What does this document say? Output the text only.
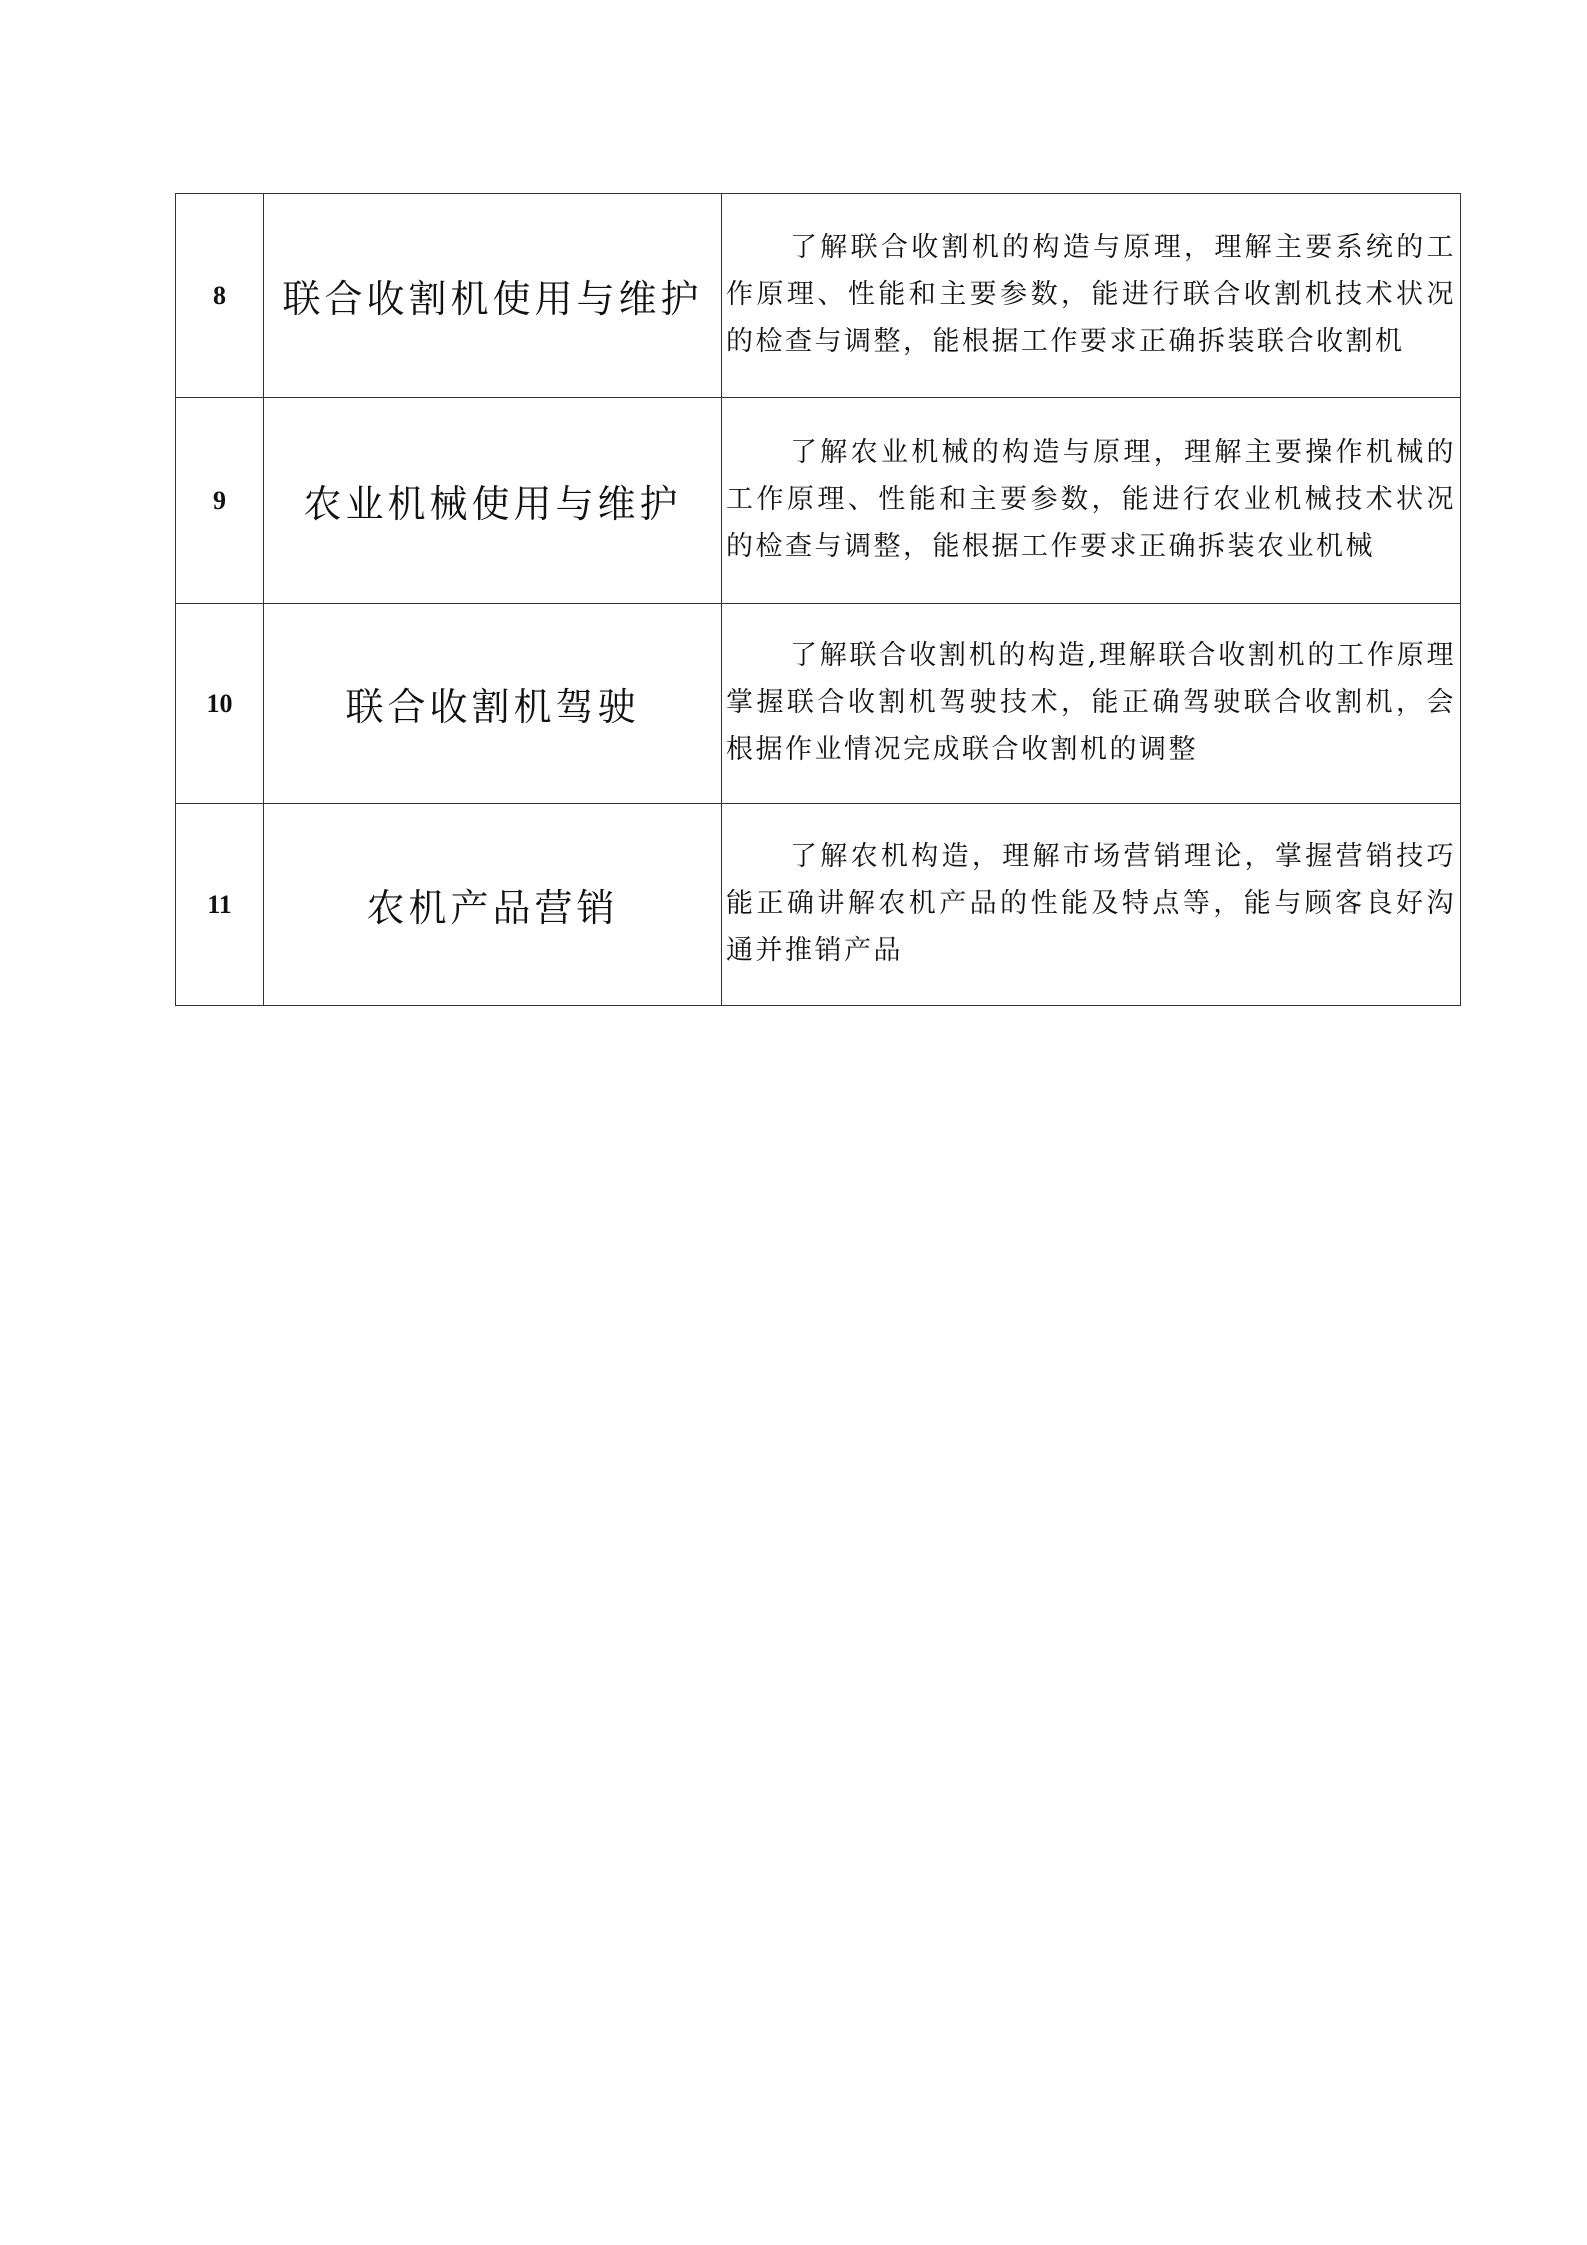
8	联合收割机使用与维护	了解联合收割机的构造与原理，理解主要系统的工作原理、性能和主要参数，能进行联合收割机技术状况的检查与调整，能根据工作要求正确拆装联合收割机
9	农业机械使用与维护	了解农业机械的构造与原理，理解主要操作机械的工作原理、性能和主要参数，能进行农业机械技术状况的检查与调整，能根据工作要求正确拆装农业机械
10	联合收割机驾驶	了解联合收割机的构造,理解联合收割机的工作原理掌握联合收割机驾驶技术，能正确驾驶联合收割机，会根据作业情况完成联合收割机的调整
11	农机产品营销	了解农机构造，理解市场营销理论，掌握营销技巧能正确讲解农机产品的性能及特点等，能与顾客良好沟通并推销产品
